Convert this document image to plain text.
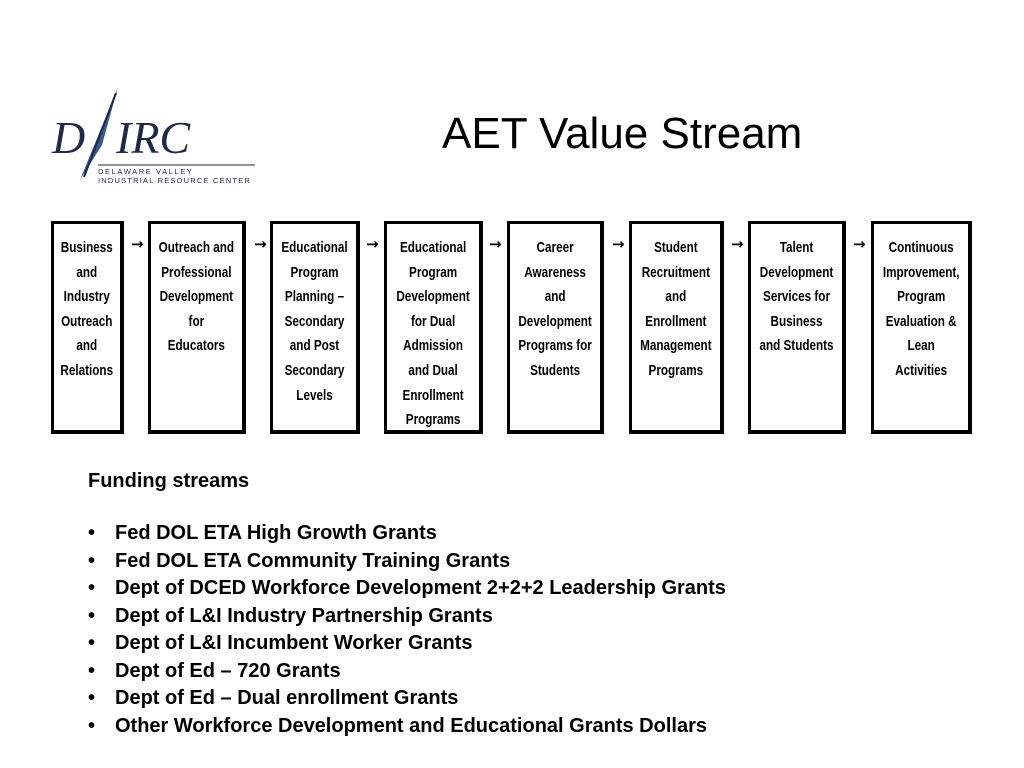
D IRC
DELAWARE VALLEY
INDUSTRIAL RESOURCE CENTER
AET Value Stream
Business
and
Industry
Outreach
and
Relations
→ Outreach and
Professional
Development
for
Educators
→ Educational
Program
Planning –
Secondary
and Post
Secondary
Levels
→ Educational
Program
Development
for Dual
Admission
and Dual
Enrollment
Programs
→	Career
Awareness
and
Development
Programs for
Students
→	Student
Recruitment
and
Enrollment
Management
Programs
→	Talent
Development
Services for
Business
and Students
→	Continuous
Improvement,
Program
Evaluation &
Lean
Activities
Funding streams
• Fed DOL ETA High Growth Grants
• Fed DOL ETA Community Training Grants
• Dept of DCED Workforce Development 2+2+2 Leadership Grants
• Dept of L&I Industry Partnership Grants
• Dept of L&I Incumbent Worker Grants
• Dept of Ed – 720 Grants
• Dept of Ed – Dual enrollment Grants
• Other Workforce Development and Educational Grants Dollars
